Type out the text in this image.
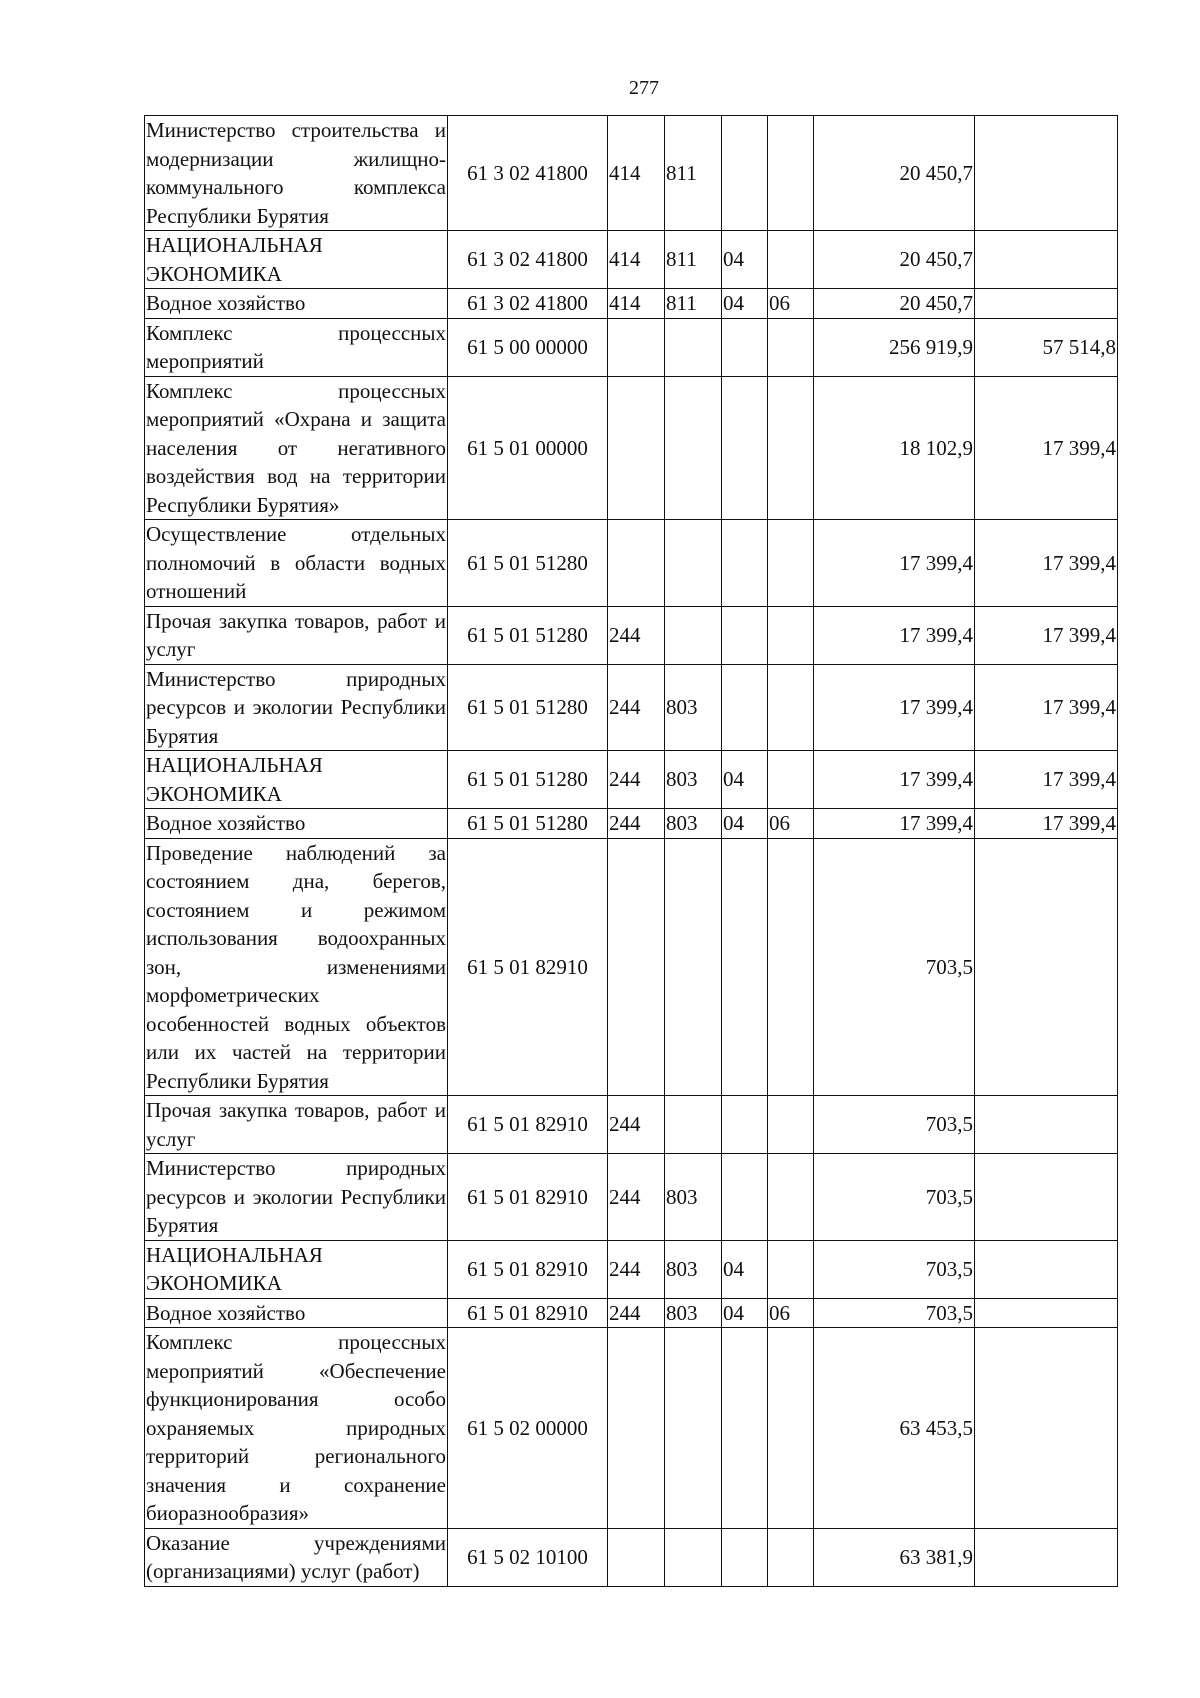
277
Министерство строительства и модернизации жилищно-коммунального комплекса Республики Бурятия	61 3 02 41800	414	811			20 450,7	
НАЦИОНАЛЬНАЯ ЭКОНОМИКА	61 3 02 41800	414	811	04		20 450,7	
Водное хозяйство	61 3 02 41800	414	811	04	06	20 450,7	
Комплекс процессных мероприятий	61 5 00 00000					256 919,9	57 514,8
Комплекс процессных мероприятий «Охрана и защита населения от негативного воздействия вод на территории Республики Бурятия»	61 5 01 00000					18 102,9	17 399,4
Осуществление отдельных полномочий в области водных отношений	61 5 01 51280					17 399,4	17 399,4
Прочая закупка товаров, работ и услуг	61 5 01 51280	244				17 399,4	17 399,4
Министерство природных ресурсов и экологии Республики Бурятия	61 5 01 51280	244	803			17 399,4	17 399,4
НАЦИОНАЛЬНАЯ ЭКОНОМИКА	61 5 01 51280	244	803	04		17 399,4	17 399,4
Водное хозяйство	61 5 01 51280	244	803	04	06	17 399,4	17 399,4
Проведение наблюдений за состоянием дна, берегов, состоянием и режимом использования водоохранных зон, изменениями морфометрических особенностей водных объектов или их частей на территории Республики Бурятия	61 5 01 82910					703,5	
Прочая закупка товаров, работ и услуг	61 5 01 82910	244				703,5	
Министерство природных ресурсов и экологии Республики Бурятия	61 5 01 82910	244	803			703,5	
НАЦИОНАЛЬНАЯ ЭКОНОМИКА	61 5 01 82910	244	803	04		703,5	
Водное хозяйство	61 5 01 82910	244	803	04	06	703,5	
Комплекс процессных мероприятий «Обеспечение функционирования особо охраняемых природных территорий регионального значения и сохранение биоразнообразия»	61 5 02 00000					63 453,5	
Оказание учреждениями (организациями) услуг (работ)	61 5 02 10100					63 381,9	
